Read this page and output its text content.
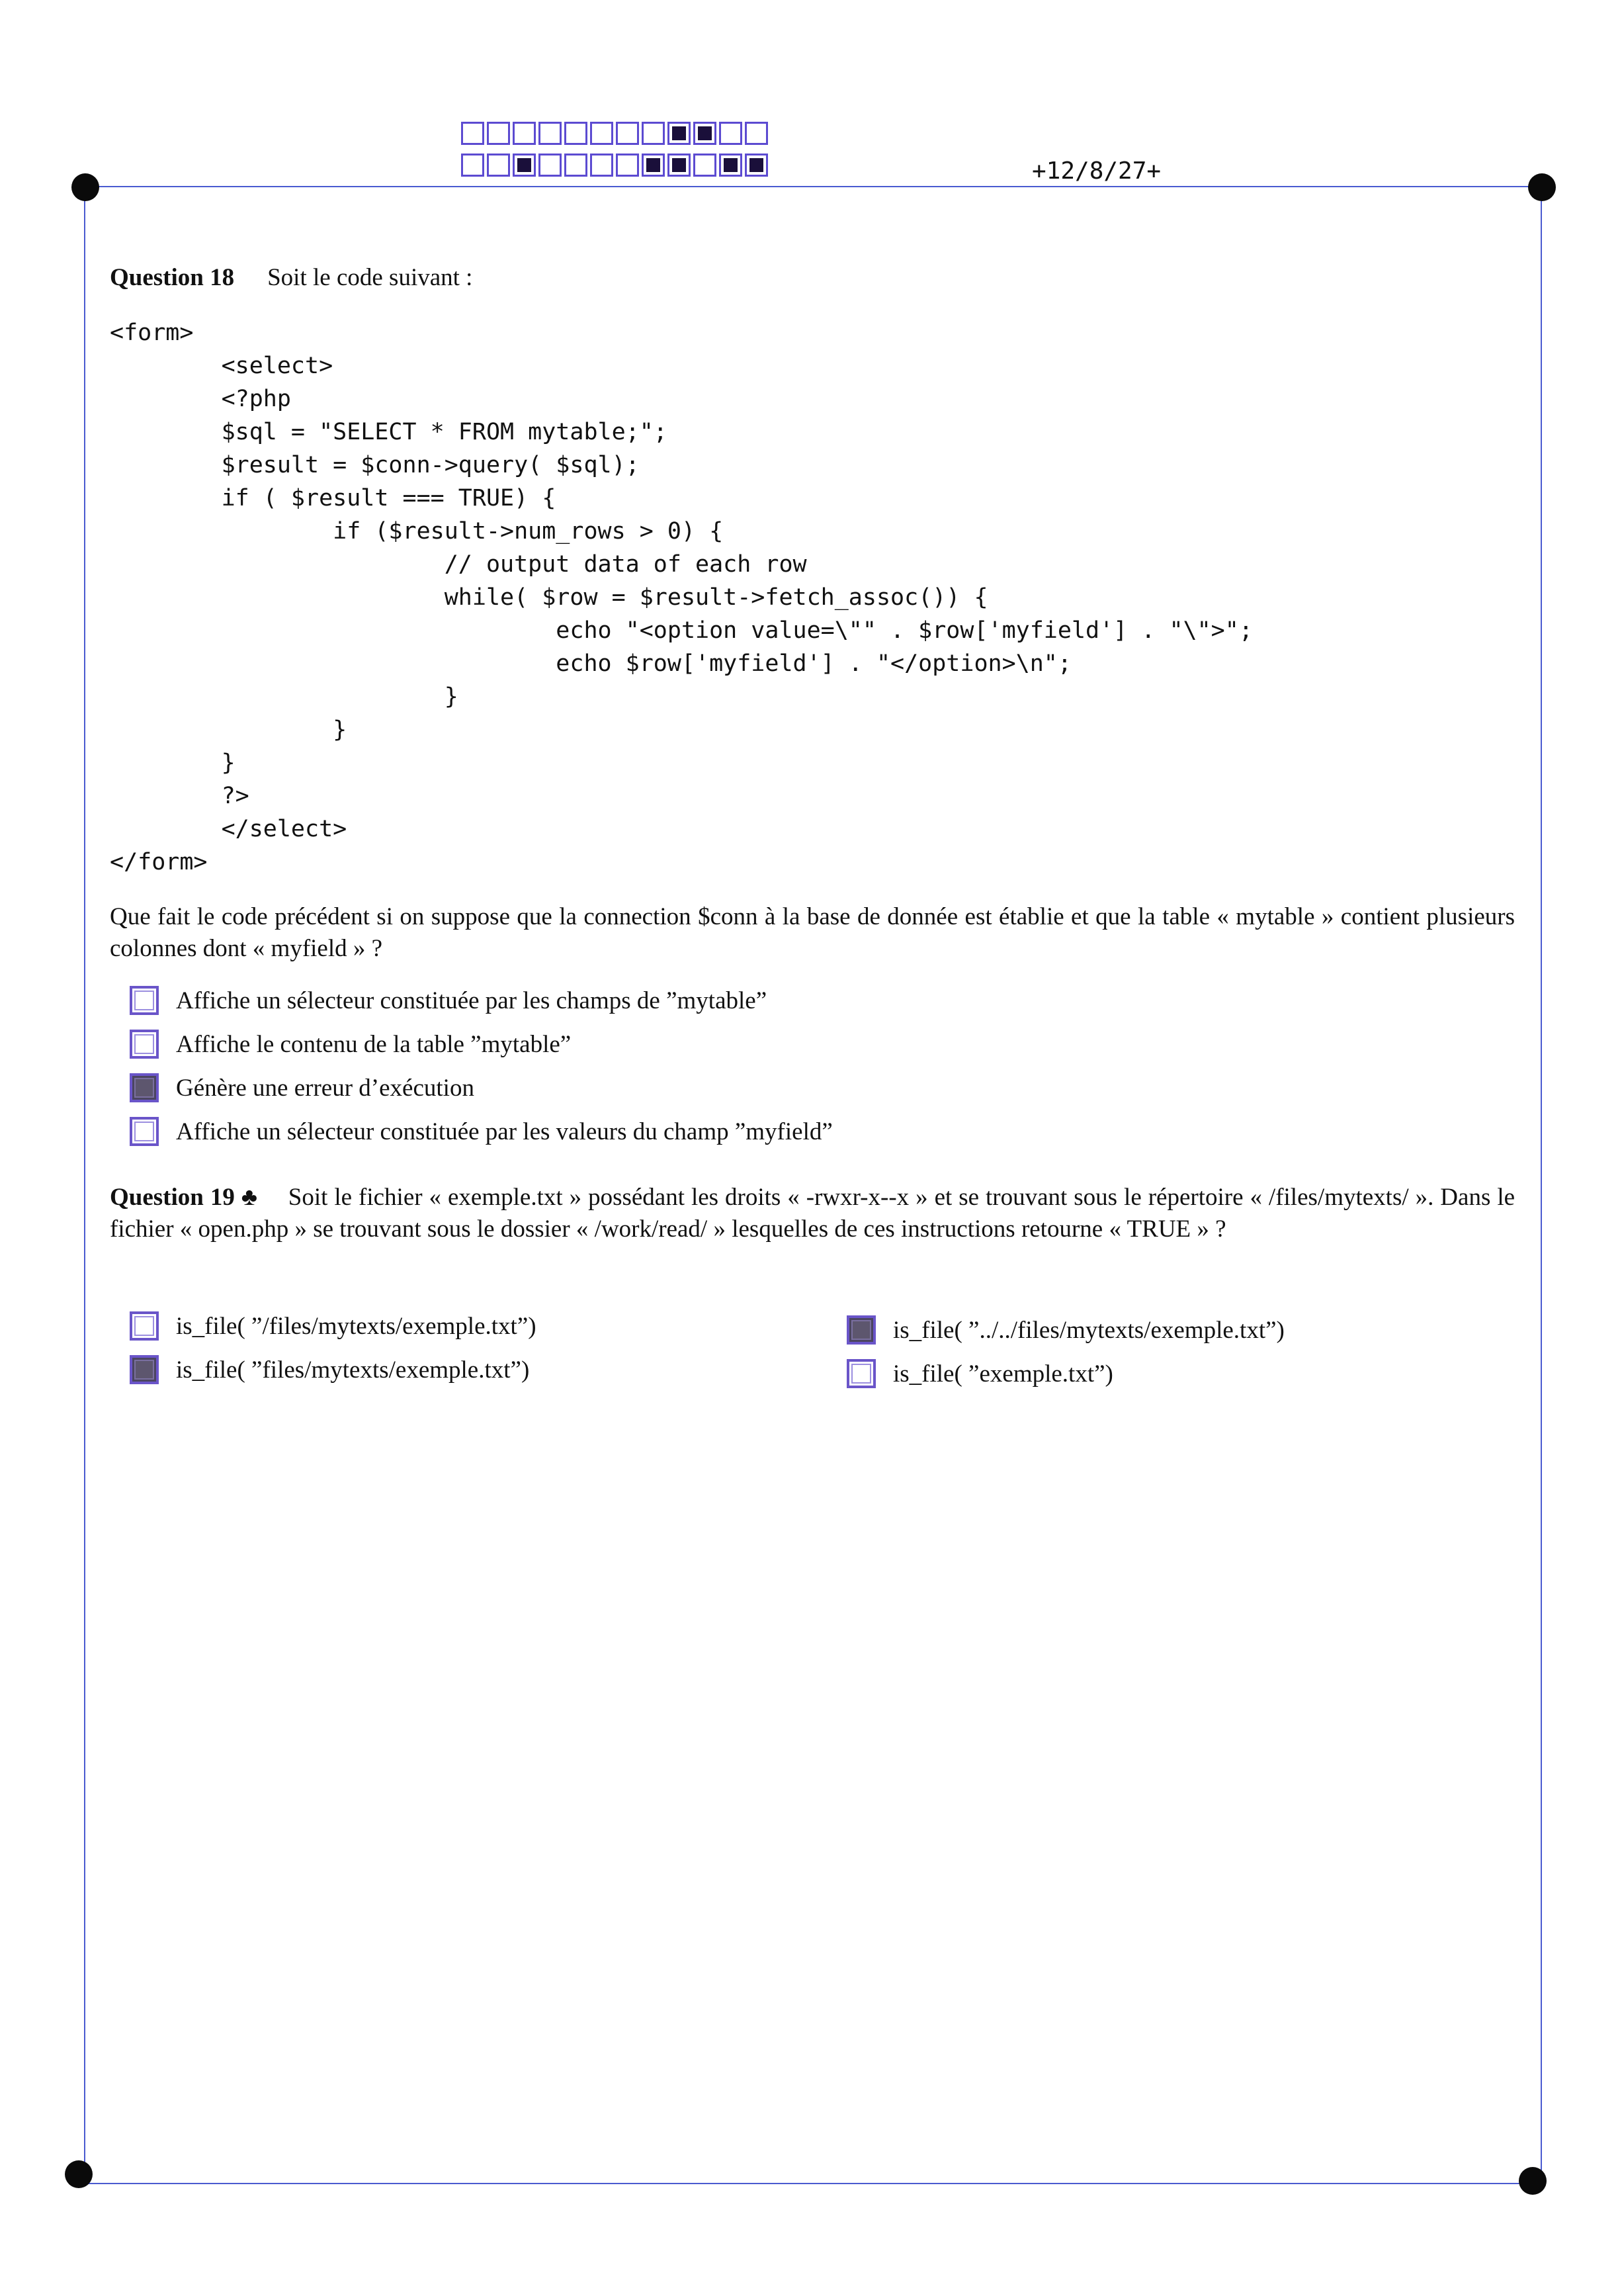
+12/8/27+
Question 18 Soit le code suivant :
<form>
<select>
<?php
$sql = "SELECT * FROM mytable;";
$result = $conn->query( $sql);
if ( $result === TRUE) {
if ($result->num_rows > 0) {
// output data of each row
while( $row = $result->fetch_assoc()) {
echo "<option value=\"" . $row['myfield'] . "\">";
echo $row['myfield'] . "</option>\n";
}
}
}
?>
</select>
</form>
Que fait le code précédent si on suppose que la connection $conn à la base de donnée est établie et que la table « mytable » contient plusieurs colonnes dont « myfield » ?
Affiche un sélecteur constituée par les champs de ”mytable”
Affiche le contenu de la table ”mytable”
Génère une erreur d’exécution
Affiche un sélecteur constituée par les valeurs du champ ”myfield”
Question 19 ♣ Soit le fichier « exemple.txt » possédant les droits « -rwxr-x--x » et se trouvant sous le répertoire « /files/mytexts/ ». Dans le fichier « open.php » se trouvant sous le dossier « /work/read/ » lesquelles de ces instructions retourne « TRUE » ?
is_file( ”/files/mytexts/exemple.txt”)
is_file( ”files/mytexts/exemple.txt”)
is_file( ”../../files/mytexts/exemple.txt”)
is_file( ”exemple.txt”)
